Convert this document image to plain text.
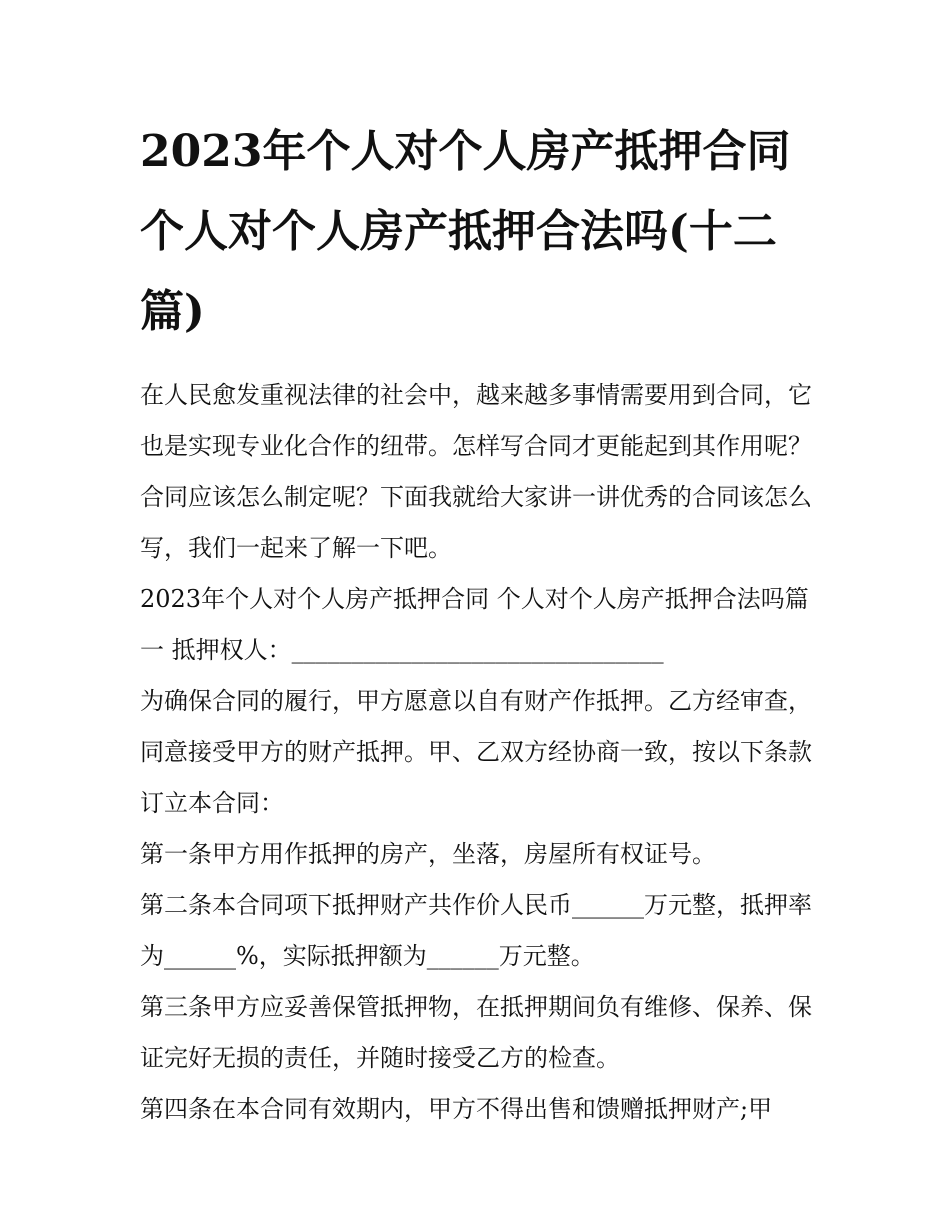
2023年个人对个人房产抵押合同 个人对个人房产抵押合法吗(十二篇)

在人民愈发重视法律的社会中，越来越多事情需要用到合同，它也是实现专业化合作的纽带。怎样写合同才更能起到其作用呢？合同应该怎么制定呢？下面我就给大家讲一讲优秀的合同该怎么写，我们一起来了解一下吧。

2023年个人对个人房产抵押合同 个人对个人房产抵押合法吗篇一 抵押权人：_______________________________

为确保合同的履行，甲方愿意以自有财产作抵押。乙方经审查，同意接受甲方的财产抵押。甲、乙双方经协商一致，按以下条款订立本合同：

第一条甲方用作抵押的房产，坐落，房屋所有权证号。

第二条本合同项下抵押财产共作价人民币______万元整，抵押率为______%，实际抵押额为______万元整。

第三条甲方应妥善保管抵押物，在抵押期间负有维修、保养、保证完好无损的责任，并随时接受乙方的检查。

第四条在本合同有效期内，甲方不得出售和馈赠抵押财产;甲
